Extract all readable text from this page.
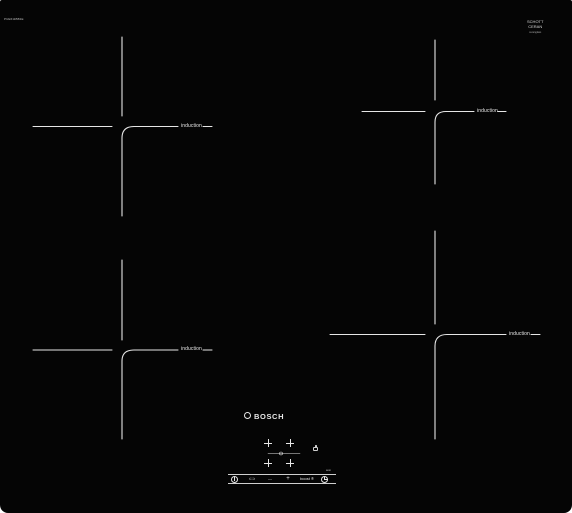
PUE611BB1E	SCHOTT
CERAN
ceranglass
induction
induction
induction
induction
BOSCH
auto
⊂⊃	—	+	boost ®
